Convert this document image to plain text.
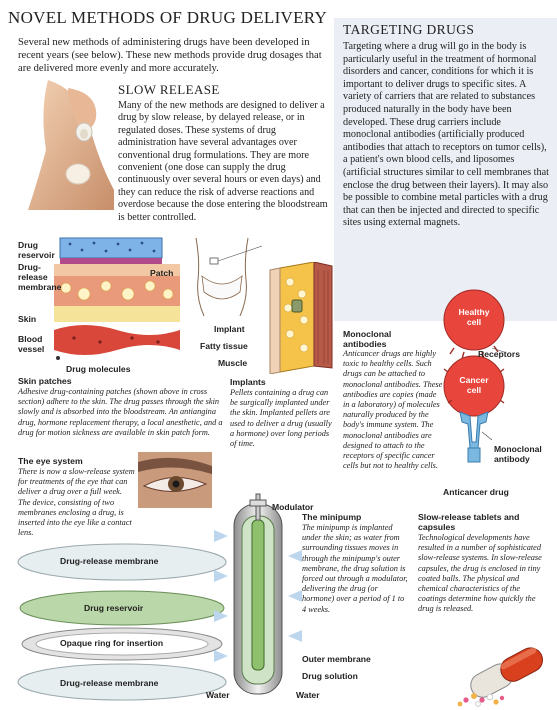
NOVEL METHODS OF DRUG DELIVERY
Several new methods of administering drugs have been developed in recent years (see below). These new methods provide drug dosages that are delivered more evenly and more accurately.
SLOW RELEASE
Many of the new methods are designed to deliver a drug by slow release, by delayed release, or in regulated doses. These systems of drug administration have several advantages over conventional drug formulations. They are more convenient (one dose can supply the drug continuously over several hours or even days) and they can reduce the risk of adverse reactions and overdose because the dose entering the bloodstream is better controlled.
TARGETING DRUGS
Targeting where a drug will go in the body is particularly useful in the treatment of hormonal disorders and cancer, conditions for which it is important to deliver drugs to specific sites. A variety of carriers that are related to substances produced naturally in the body have been developed. These drug carriers include monoclonal antibodies (artificially produced antibodies that attach to receptors on tumor cells), a patient's own blood cells, and liposomes (artificial structures similar to cell membranes that enclose the drug between their layers). It may also be possible to combine metal particles with a drug that can then be injected and directed to specific sites using external magnets.
Drug reservoir
Drug-release membrane
Patch
Skin
Blood vessel
Drug molecules
Skin patches
Adhesive drug-containing patches (shown above in cross section) adhere to the skin. The drug passes through the skin slowly and is absorbed into the bloodstream. An antiangina drug, hormone replacement therapy, a local anesthetic, and a drug for motion sickness are available in skin patch form.
Implant
Fatty tissue
Muscle
Implants
Pellets containing a drug can be surgically implanted under the skin. Implanted pellets are used to deliver a drug (usually a hormone) over long periods of time.
Monoclonal antibodies
Anticancer drugs are highly toxic to healthy cells. Such drugs can be attached to monoclonal antibodies. These antibodies are copies (made in a laboratory) of molecules naturally produced by the body's immune system. The monoclonal antibodies are designed to attach to the receptors of specific cancer cells but not to healthy cells.
Healthy cell
Receptors
Cancer cell
Monoclonal antibody
Anticancer drug
The eye system
There is now a slow-release system for treatments of the eye that can deliver a drug over a full week. The device, consisting of two membranes enclosing a drug, is inserted into the eye like a contact lens.
Drug-release membrane
Drug reservoir
Opaque ring for insertion
Drug-release membrane
Modulator
Outer membrane
Drug solution
Water	Water
The minipump
The minipump is implanted under the skin; as water from surrounding tissues moves in through the minipump's outer membrane, the drug solution is forced out through a modulator, delivering the drug (or hormone) over a period of 1 to 4 weeks.
Slow-release tablets and capsules
Technological developments have resulted in a number of sophisticated slow-release systems. In slow-release capsules, the drug is enclosed in tiny coated balls. The physical and chemical characteristics of the coatings determine how quickly the drug is released.
